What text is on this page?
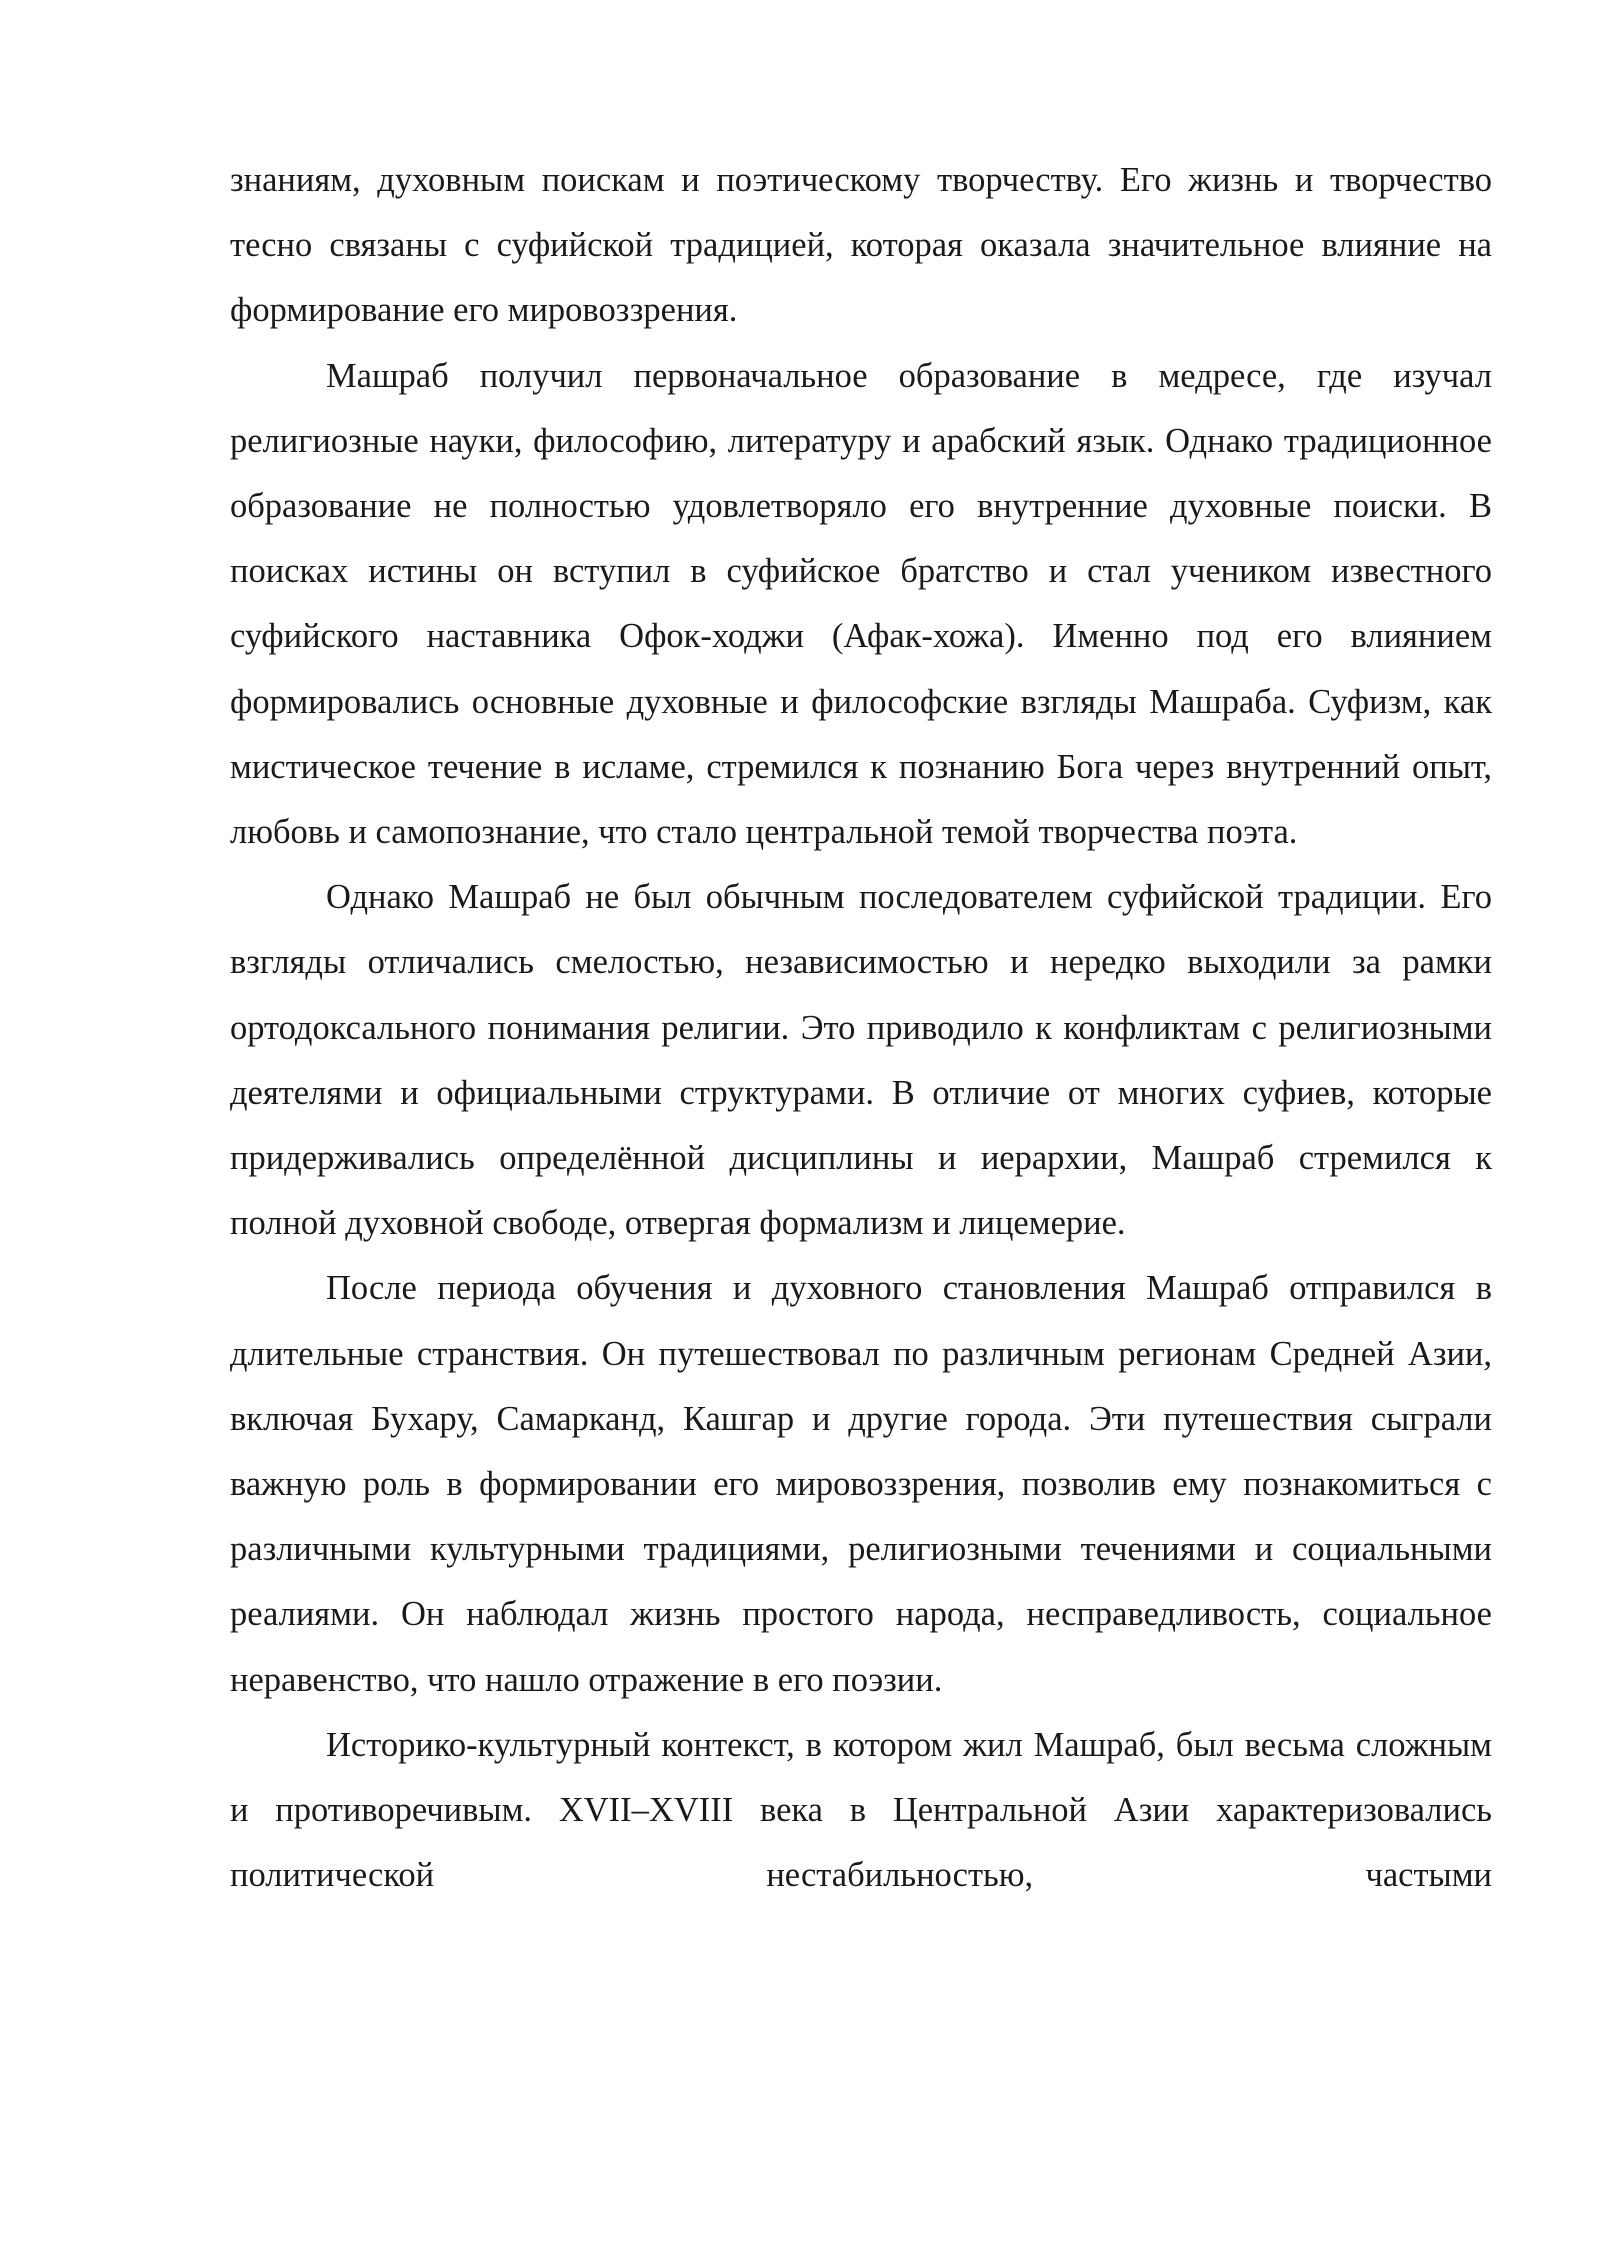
знаниям, духовным поискам и поэтическому творчеству. Его жизнь и творчество тесно связаны с суфийской традицией, которая оказала значительное влияние на формирование его мировоззрения.

Машраб получил первоначальное образование в медресе, где изучал религиозные науки, философию, литературу и арабский язык. Однако традиционное образование не полностью удовлетворяло его внутренние духовные поиски. В поисках истины он вступил в суфийское братство и стал учеником известного суфийского наставника Офок-ходжи (Афак-хожа). Именно под его влиянием формировались основные духовные и философские взгляды Машраба. Суфизм, как мистическое течение в исламе, стремился к познанию Бога через внутренний опыт, любовь и самопознание, что стало центральной темой творчества поэта.

Однако Машраб не был обычным последователем суфийской традиции. Его взгляды отличались смелостью, независимостью и нередко выходили за рамки ортодоксального понимания религии. Это приводило к конфликтам с религиозными деятелями и официальными структурами. В отличие от многих суфиев, которые придерживались определённой дисциплины и иерархии, Машраб стремился к полной духовной свободе, отвергая формализм и лицемерие.

После периода обучения и духовного становления Машраб отправился в длительные странствия. Он путешествовал по различным регионам Средней Азии, включая Бухару, Самарканд, Кашгар и другие города. Эти путешествия сыграли важную роль в формировании его мировоззрения, позволив ему познакомиться с различными культурными традициями, религиозными течениями и социальными реалиями. Он наблюдал жизнь простого народа, несправедливость, социальное неравенство, что нашло отражение в его поэзии.

Историко-культурный контекст, в котором жил Машраб, был весьма сложным и противоречивым. XVII–XVIII века в Центральной Азии характеризовались политической нестабильностью, частыми
